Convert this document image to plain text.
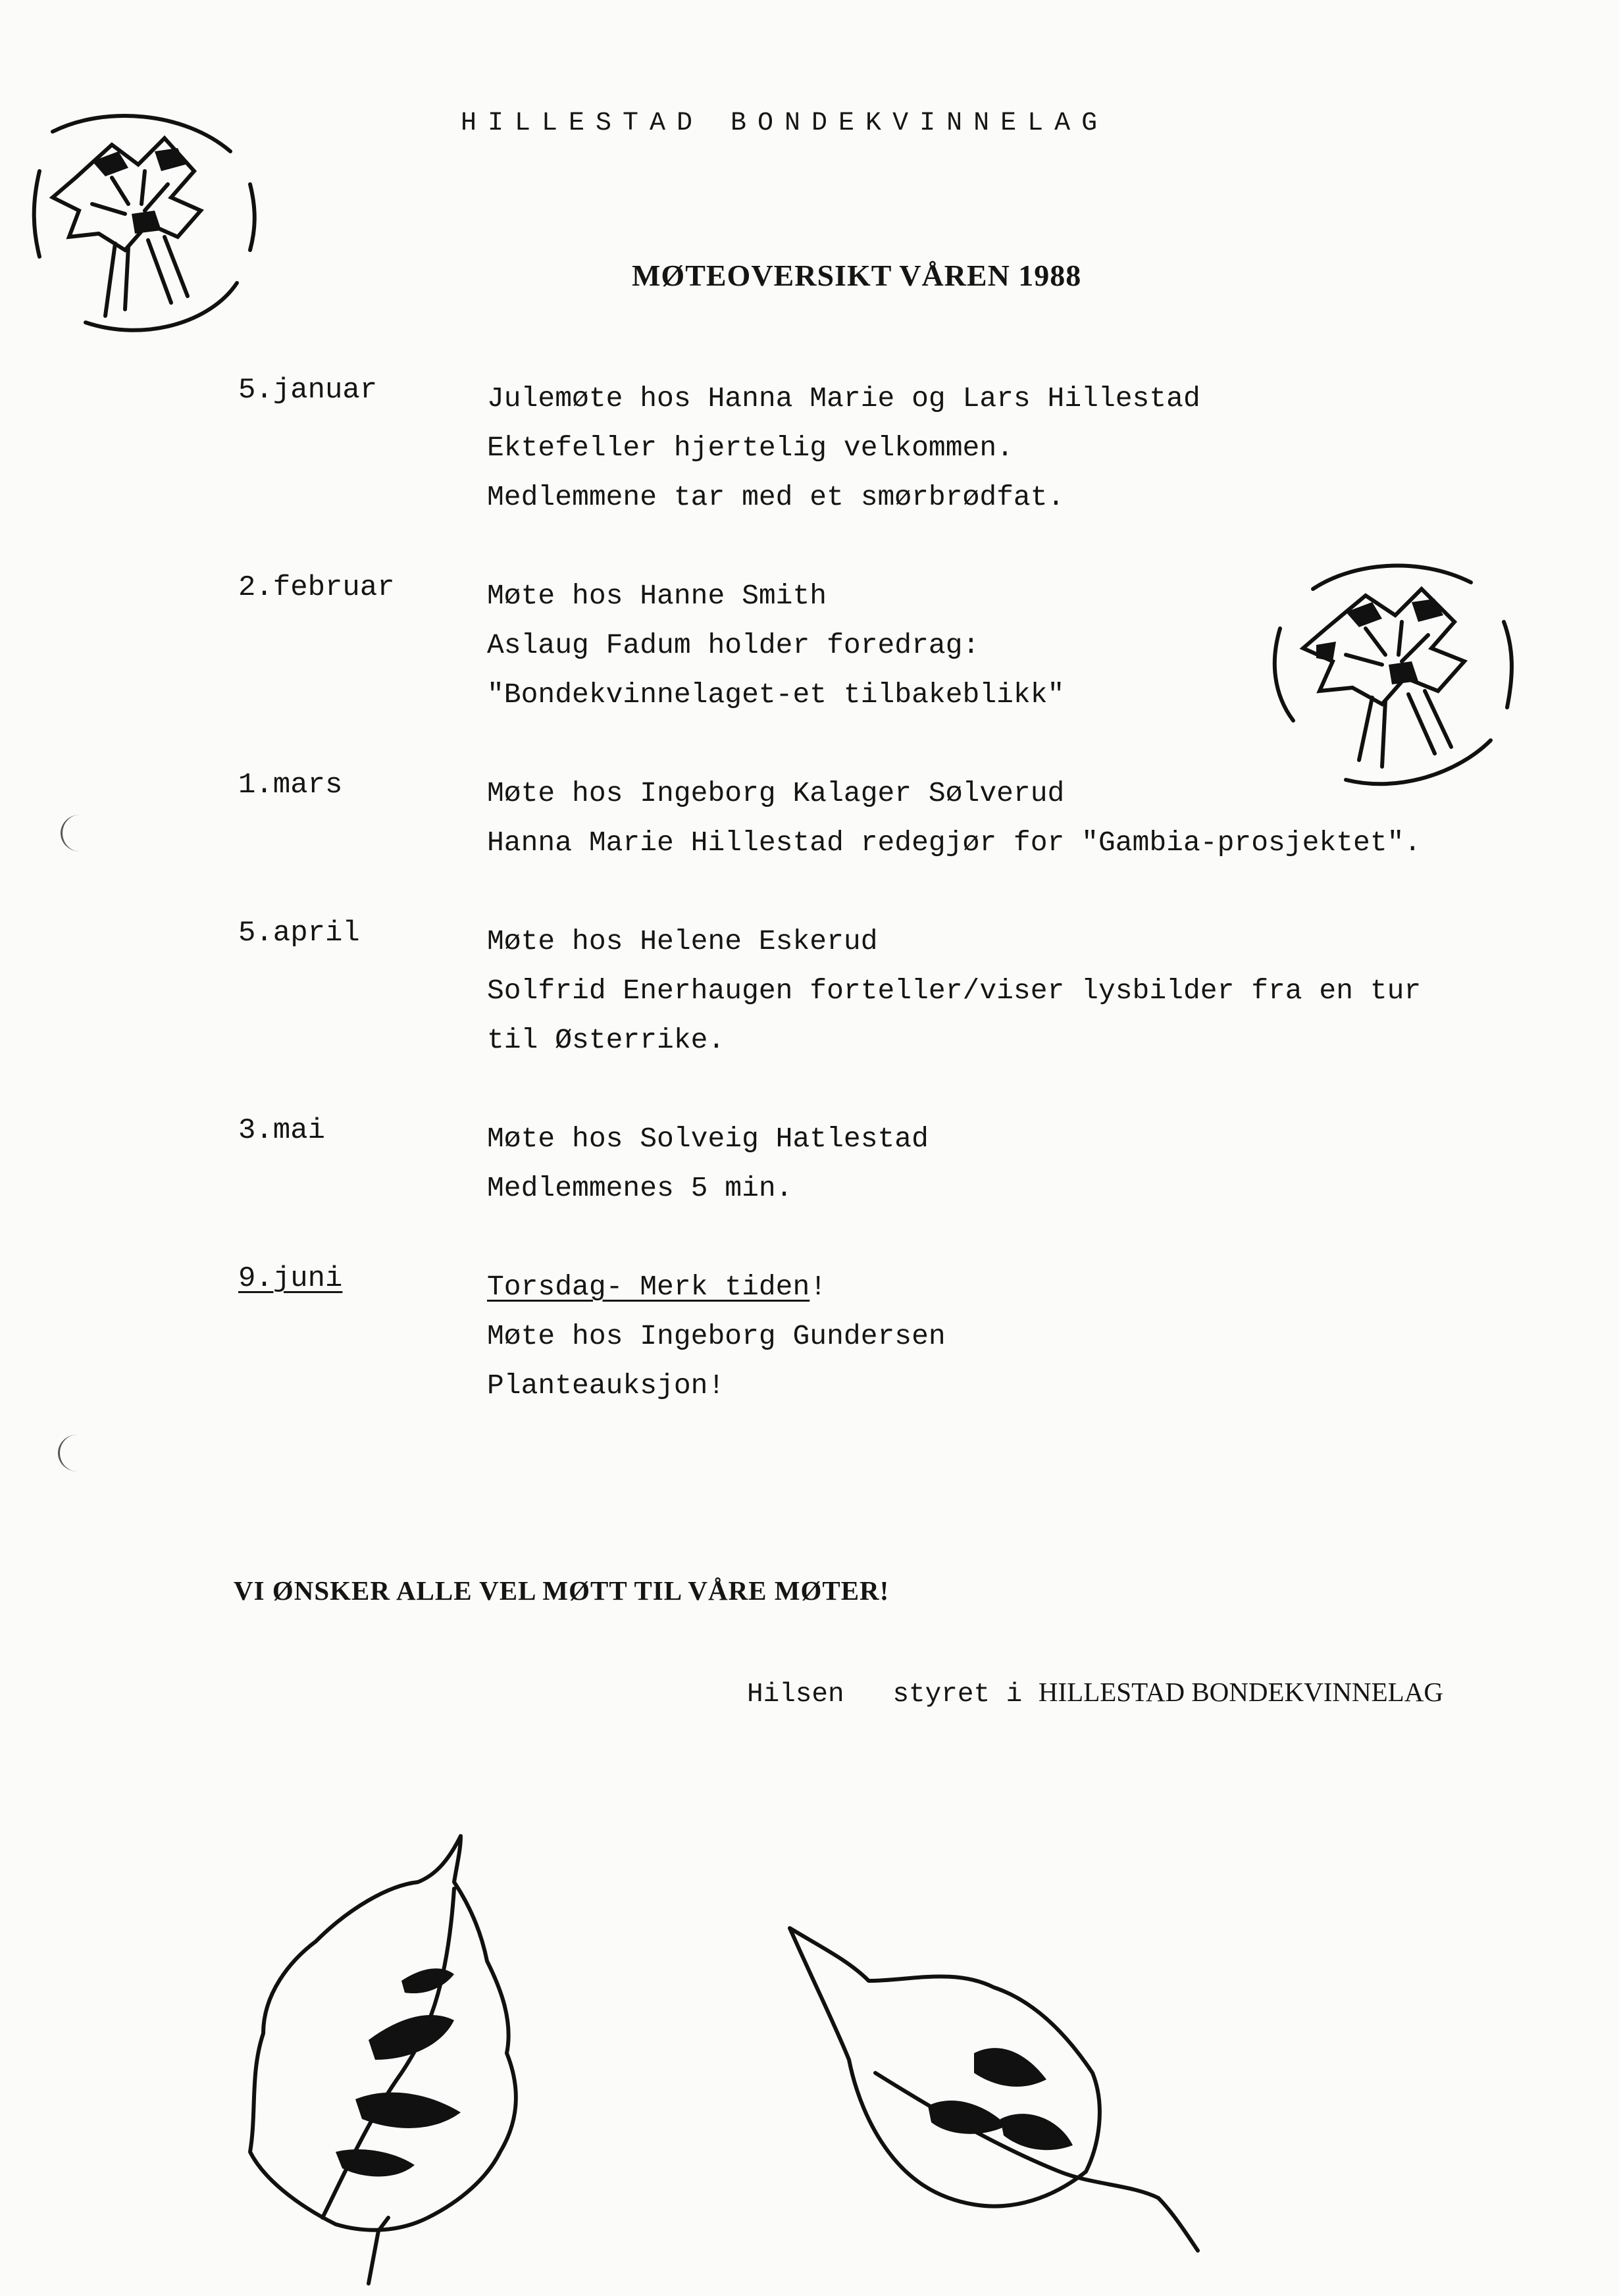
HILLESTAD BONDEKVINNELAG
MØTEOVERSIKT VÅREN 1988
5.januar	Julemøte hos Hanna Marie og Lars Hillestad
Ektefeller hjertelig velkommen.
Medlemmene tar med et smørbrødfat.
2.februar	Møte hos Hanne Smith
Aslaug Fadum holder foredrag:
"Bondekvinnelaget-et tilbakeblikk"
1.mars	Møte hos Ingeborg Kalager Sølverud
Hanna Marie Hillestad redegjør for "Gambia-prosjektet".
5.april	Møte hos Helene Eskerud
Solfrid Enerhaugen forteller/viser lysbilder fra en tur
til Østerrike.
3.mai	Møte hos Solveig Hatlestad
Medlemmenes 5 min.
9.juni	Torsdag- Merk tiden!
Møte hos Ingeborg Gundersen
Planteauksjon!
VI ØNSKER ALLE VEL MØTT TIL VÅRE MØTER!
Hilsen styret i HILLESTAD BONDEKVINNELAG
